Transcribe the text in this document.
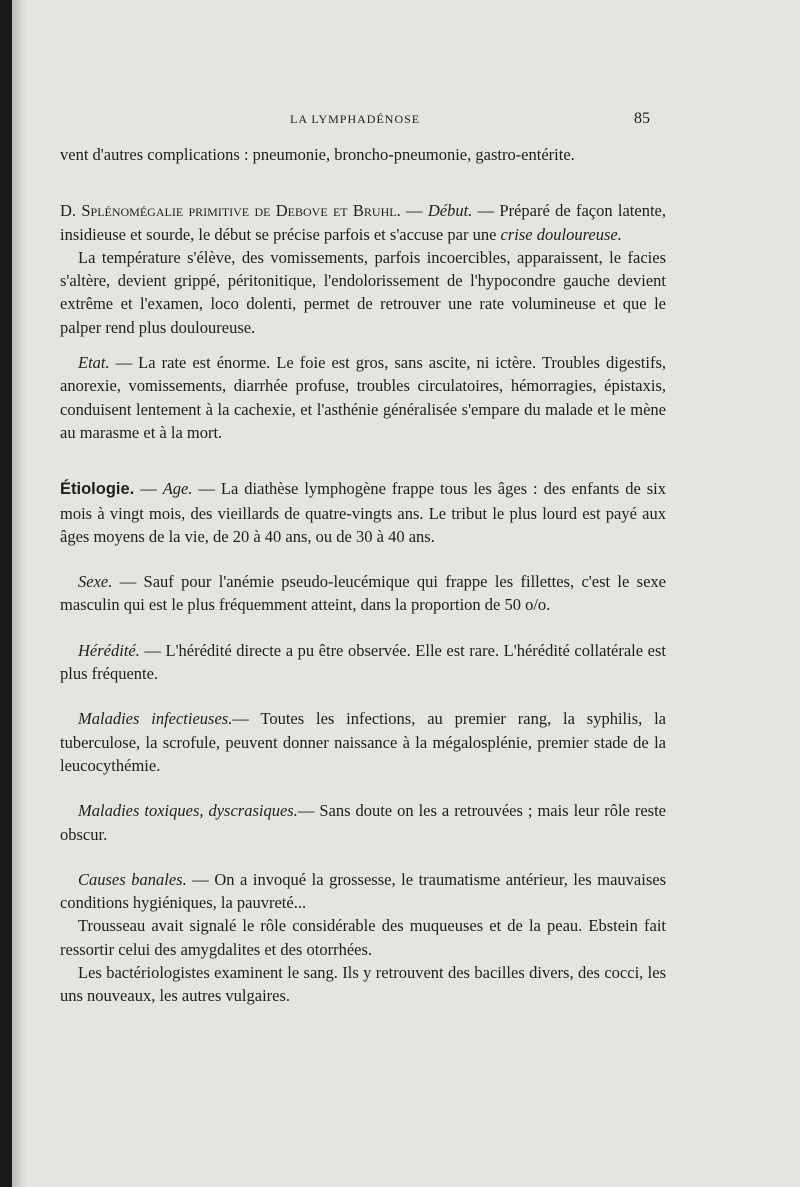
LA LYMPHADÉNOSE	85

vent d'autres complications : pneumonie, broncho-pneumonie, gastro-entérite.

D. Splénomégalie primitive de Debove et Bruhl. — Début. — Préparé de façon latente, insidieuse et sourde, le début se précise parfois et s'accuse par une crise douloureuse.

La température s'élève, des vomissements, parfois incoercibles, apparaissent, le facies s'altère, devient grippé, péritonitique, l'endolorissement de l'hypocondre gauche devient extrême et l'examen, loco dolenti, permet de retrouver une rate volumineuse et que le palper rend plus douloureuse.

Etat. — La rate est énorme. Le foie est gros, sans ascite, ni ictère. Troubles digestifs, anorexie, vomissements, diarrhée profuse, troubles circulatoires, hémorragies, épistaxis, conduisent lentement à la cachexie, et l'asthénie généralisée s'empare du malade et le mène au marasme et à la mort.

Étiologie. — Age. — La diathèse lymphogène frappe tous les âges : des enfants de six mois à vingt mois, des vieillards de quatre-vingts ans. Le tribut le plus lourd est payé aux âges moyens de la vie, de 20 à 40 ans, ou de 30 à 40 ans.

Sexe. — Sauf pour l'anémie pseudo-leucémique qui frappe les fillettes, c'est le sexe masculin qui est le plus fréquemment atteint, dans la proportion de 50 o/o.

Hérédité. — L'hérédité directe a pu être observée. Elle est rare. L'hérédité collatérale est plus fréquente.

Maladies infectieuses.— Toutes les infections, au premier rang, la syphilis, la tuberculose, la scrofule, peuvent donner naissance à la mégalosplénie, premier stade de la leucocythémie.

Maladies toxiques, dyscrasiques.— Sans doute on les a retrouvées ; mais leur rôle reste obscur.

Causes banales. — On a invoqué la grossesse, le traumatisme antérieur, les mauvaises conditions hygiéniques, la pauvreté...

Trousseau avait signalé le rôle considérable des muqueuses et de la peau. Ebstein fait ressortir celui des amygdalites et des otorrhées.

Les bactériologistes examinent le sang. Ils y retrouvent des bacilles divers, des cocci, les uns nouveaux, les autres vulgaires.
